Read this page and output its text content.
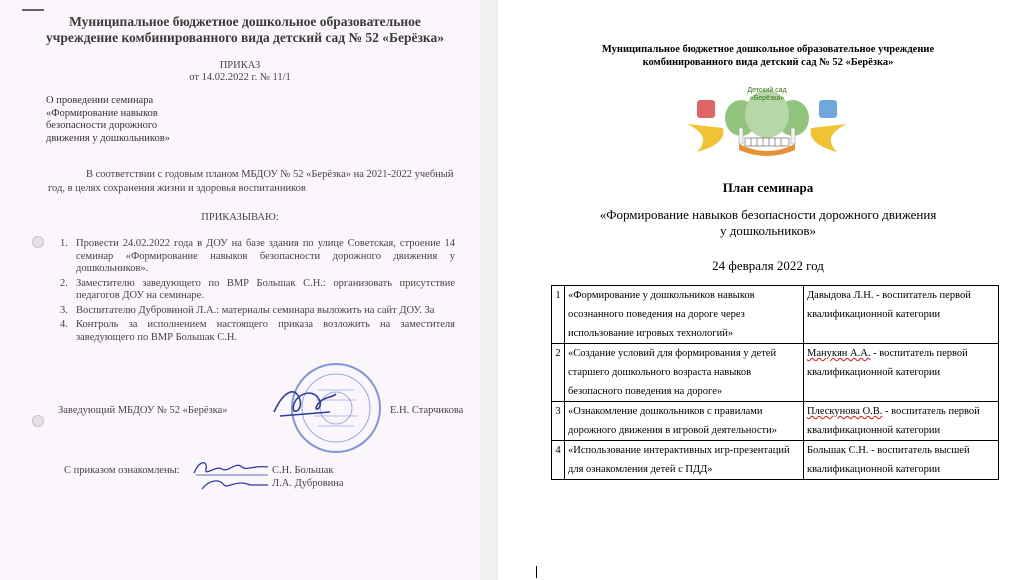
Муниципальное бюджетное дошкольное образовательное учреждение комбинированного вида детский сад № 52 «Берёзка»
ПРИКАЗ
от 14.02.2022 г. № 11/1
О проведении семинара
«Формирование навыков
безопасности дорожного
движения у дошкольников»
В соответствии с годовым планом МБДОУ № 52 «Берёзка» на 2021-2022 учебный год, в целях сохранения жизни и здоровья воспитанников
ПРИКАЗЫВАЮ:
1. Провести 24.02.2022 года в ДОУ на базе здания по улице Советская, строение 14 семинар «Формирование навыков безопасности дорожного движения у дошкольников».
2. Заместителю заведующего по ВМР Большак С.Н.: организовать присутствие педагогов ДОУ на семинаре.
3. Воспитателю Дубровиной Л.А.: материалы семинара выложить на сайт ДОУ. За
4. Контроль за исполнением настоящего приказа возложить на заместителя заведующего по ВМР Большак С.Н.
Заведующий МБДОУ № 52 «Берёзка»	Е.Н. Старчикова
С приказом ознакомлены:	С.Н. Большак
Л.А. Дубровина
Муниципальное бюджетное дошкольное образовательное учреждение комбинированного вида детский сад № 52 «Берёзка»
Детский сад
«Берёзка»
План семинара
«Формирование навыков безопасности дорожного движения
у дошкольников»
24 февраля 2022 год
1	«Формирование у дошкольников навыков осознанного поведения на дороге через использование игровых технологий»	Давыдова Л.Н. - воспитатель первой квалификационной категории
2	«Создание условий для формирования у детей старшего дошкольного возраста навыков безопасного поведения на дороге»	Манукян А.А. - воспитатель первой квалификационной категории
3	«Ознакомление дошкольников с правилами дорожного движения в игровой деятельности»	Плескунова О.В. - воспитатель первой квалификационной категории
4	«Использование интерактивных игр-презентаций для ознакомления детей с ПДД»	Большак С.Н. - воспитатель высшей квалификационной категории
